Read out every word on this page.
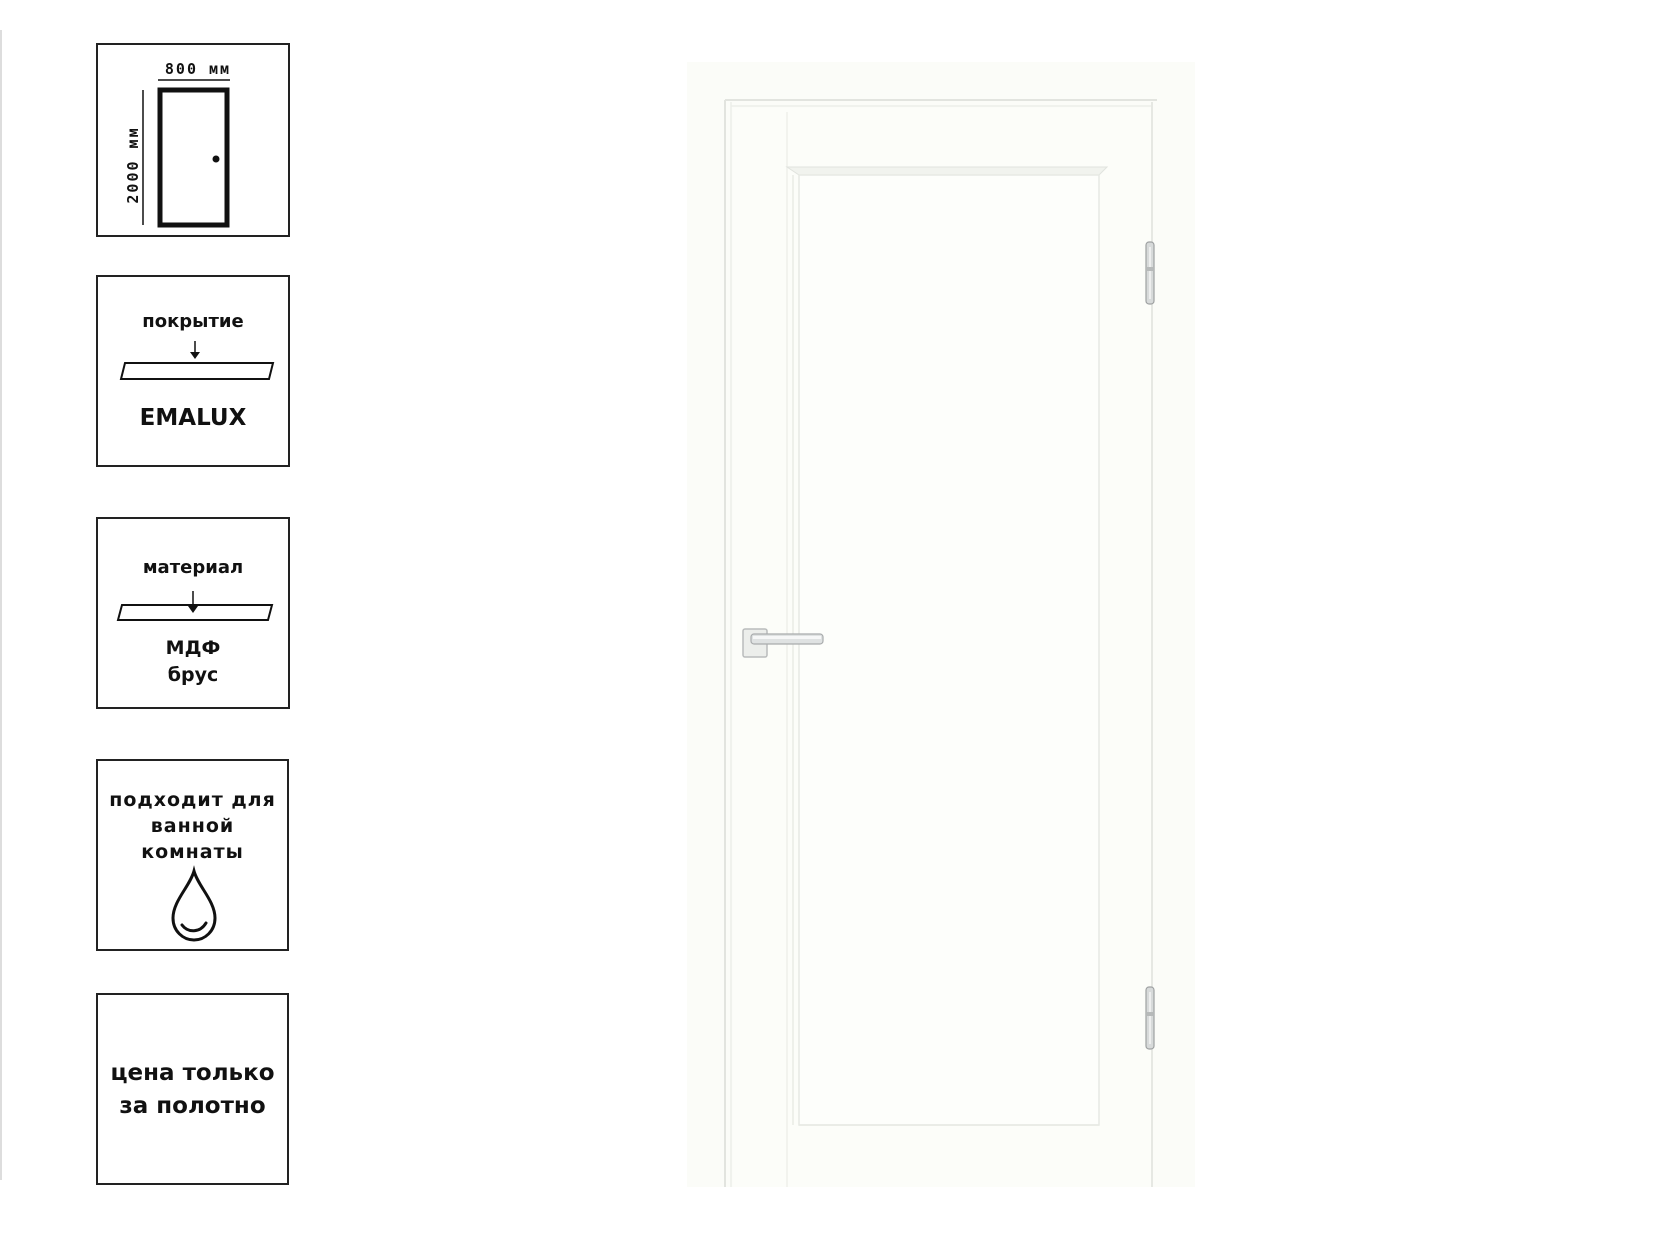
800 мм
2000 мм
покрытие
EMALUX
материал
МДФ
брус
подходит для
ванной
комнаты
цена только
за полотно
